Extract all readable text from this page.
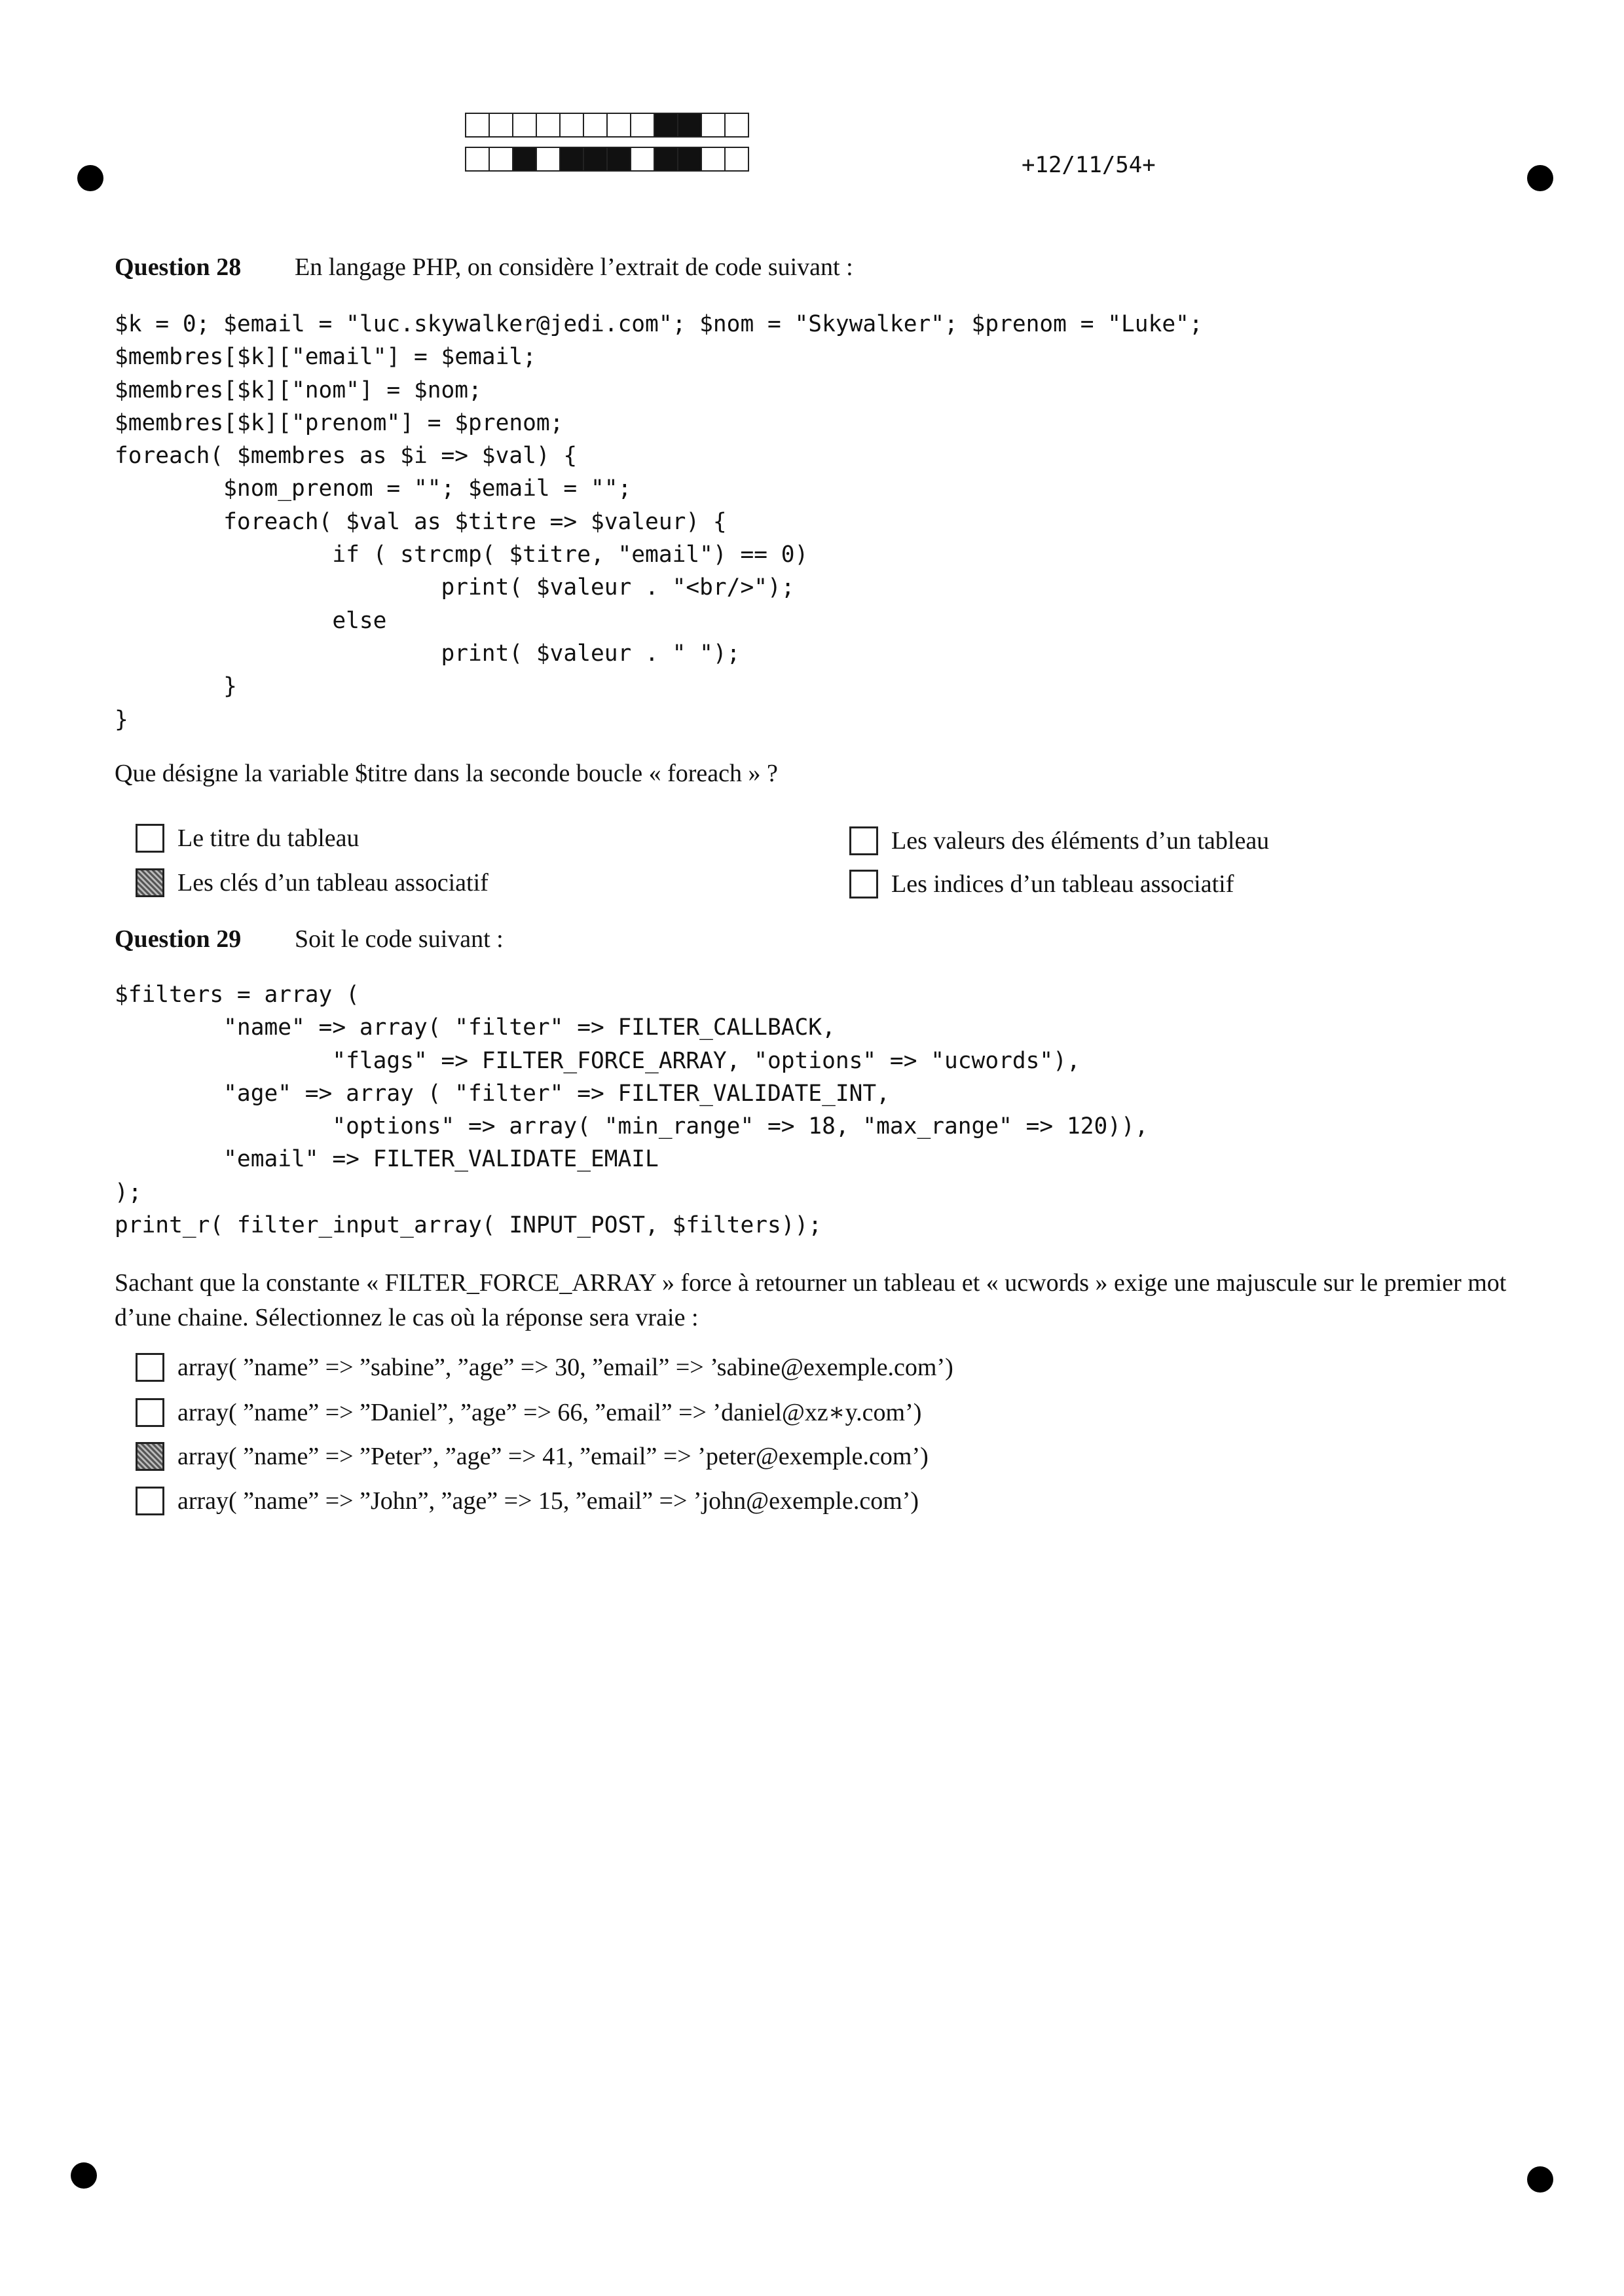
+12/11/54+
Question 28 En langage PHP, on considère l’extrait de code suivant :
$k = 0; $email = "luc.skywalker@jedi.com"; $nom = "Skywalker"; $prenom = "Luke";
$membres[$k]["email"] = $email;
$membres[$k]["nom"] = $nom;
$membres[$k]["prenom"] = $prenom;
foreach( $membres as $i => $val) {
$nom_prenom = ""; $email = "";
foreach( $val as $titre => $valeur) {
if ( strcmp( $titre, "email") == 0)
print( $valeur . "<br/>");
else
print( $valeur . " ");
}
}

Que désigne la variable $titre dans la seconde boucle « foreach » ?

Le titre du tableau
Les clés d’un tableau associatif
Les valeurs des éléments d’un tableau
Les indices d’un tableau associatif
Question 29 Soit le code suivant :
$filters = array (
"name" => array( "filter" => FILTER_CALLBACK,
"flags" => FILTER_FORCE_ARRAY, "options" => "ucwords"),
"age" => array ( "filter" => FILTER_VALIDATE_INT,
"options" => array( "min_range" => 18, "max_range" => 120)),
"email" => FILTER_VALIDATE_EMAIL
);
print_r( filter_input_array( INPUT_POST, $filters));

Sachant que la constante « FILTER_FORCE_ARRAY » force à retourner un tableau et « ucwords » exige une majuscule sur le premier mot d’une chaine. Sélectionnez le cas où la réponse sera vraie :

array( ”name” => ”sabine”, ”age” => 30, ”email” => ’sabine@exemple.com’)
array( ”name” => ”Daniel”, ”age” => 66, ”email” => ’daniel@xz∗y.com’)
array( ”name” => ”Peter”, ”age” => 41, ”email” => ’peter@exemple.com’)
array( ”name” => ”John”, ”age” => 15, ”email” => ’john@exemple.com’)
